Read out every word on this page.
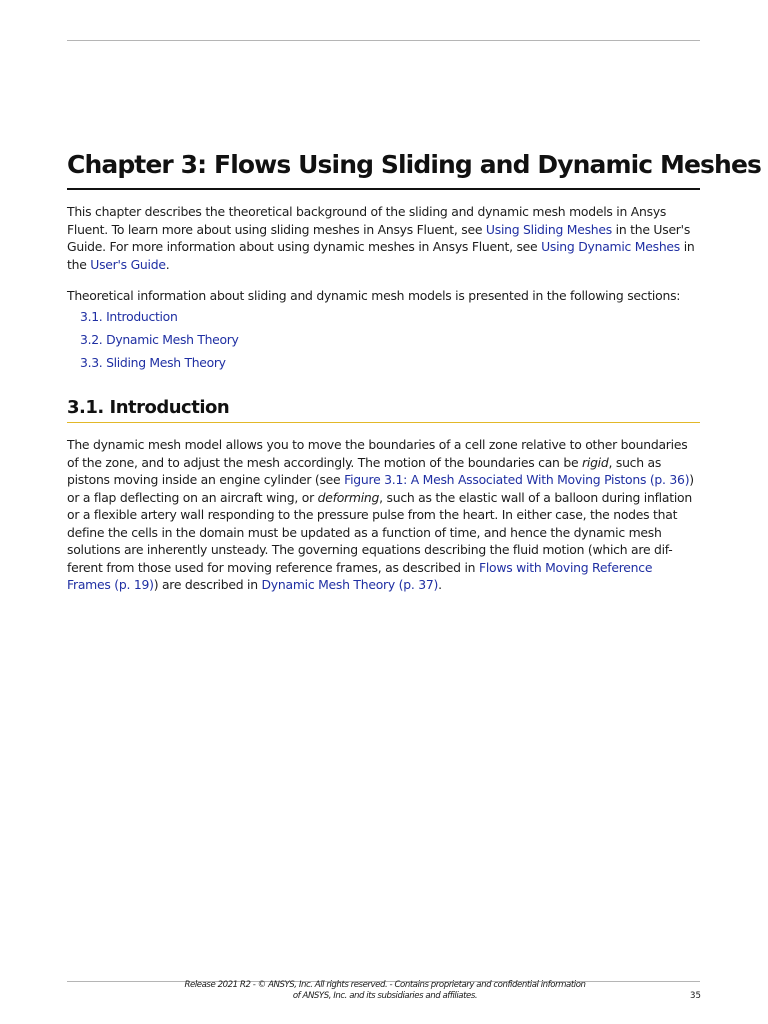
Chapter 3: Flows Using Sliding and Dynamic Meshes

This chapter describes the theoretical background of the sliding and dynamic mesh models in Ansys Fluent. To learn more about using sliding meshes in Ansys Fluent, see Using Sliding Meshes in the User's Guide. For more information about using dynamic meshes in Ansys Fluent, see Using Dynamic Meshes in the User's Guide.

Theoretical information about sliding and dynamic mesh models is presented in the following sections:

3.1. Introduction
3.2. Dynamic Mesh Theory
3.3. Sliding Mesh Theory
3.1. Introduction
The dynamic mesh model allows you to move the boundaries of a cell zone relative to other boundaries
of the zone, and to adjust the mesh accordingly. The motion of the boundaries can be rigid, such as
pistons moving inside an engine cylinder (see Figure 3.1: A Mesh Associated With Moving Pistons (p. 36))
or a flap deflecting on an aircraft wing, or deforming, such as the elastic wall of a balloon during inflation
or a flexible artery wall responding to the pressure pulse from the heart. In either case, the nodes that
define the cells in the domain must be updated as a function of time, and hence the dynamic mesh
solutions are inherently unsteady. The governing equations describing the fluid motion (which are dif-
ferent from those used for moving reference frames, as described in Flows with Moving Reference
Frames (p. 19)) are described in Dynamic Mesh Theory (p. 37).
Release 2021 R2 - © ANSYS, Inc. All rights reserved. - Contains proprietary and confidential information
of ANSYS, Inc. and its subsidiaries and affiliates.	35
